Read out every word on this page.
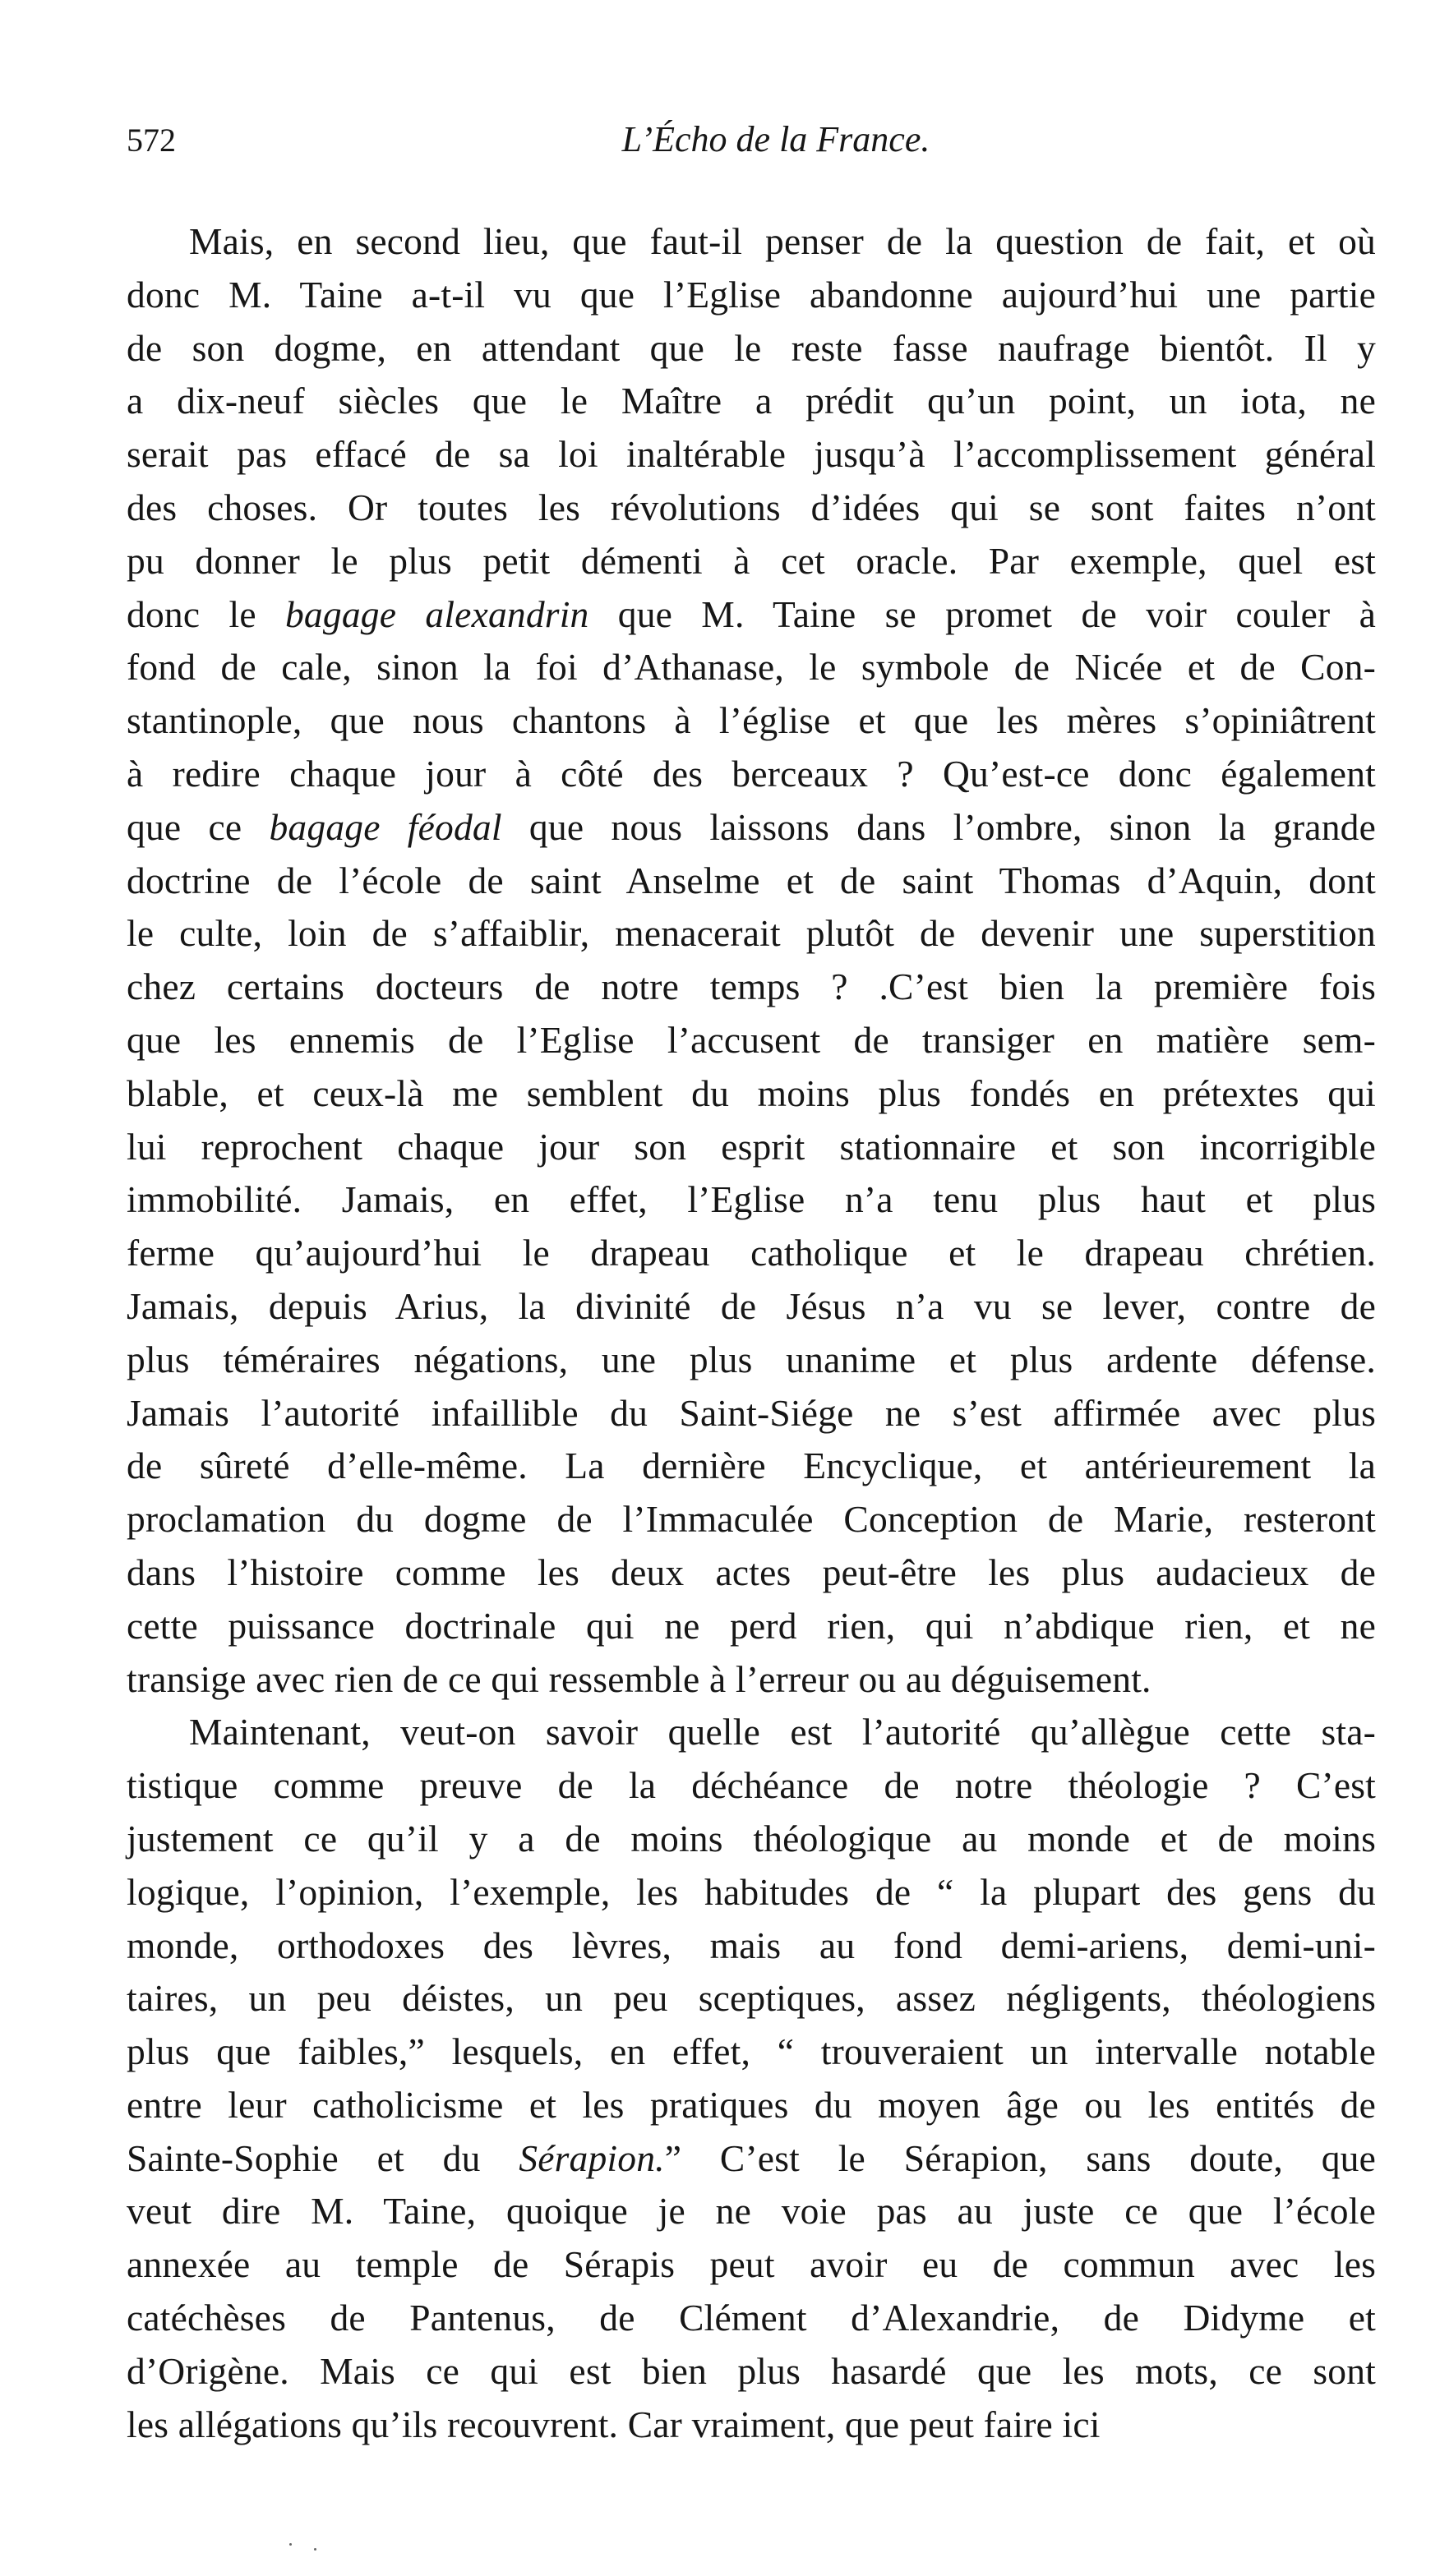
572	L’Écho de la France.
Mais, en second lieu, que faut-il penser de la question de fait, et où
donc M. Taine a-t-il vu que l’Eglise abandonne aujourd’hui une partie
de son dogme, en attendant que le reste fasse naufrage bientôt. Il y
a dix-neuf siècles que le Maître a prédit qu’un point, un iota, ne
serait pas effacé de sa loi inaltérable jusqu’à l’accomplissement général
des choses. Or toutes les révolutions d’idées qui se sont faites n’ont
pu donner le plus petit démenti à cet oracle. Par exemple, quel est
donc le bagage alexandrin que M. Taine se promet de voir couler à
fond de cale, sinon la foi d’Athanase, le symbole de Nicée et de Con-
stantinople, que nous chantons à l’église et que les mères s’opiniâtrent
à redire chaque jour à côté des berceaux ? Qu’est-ce donc également
que ce bagage féodal que nous laissons dans l’ombre, sinon la grande
doctrine de l’école de saint Anselme et de saint Thomas d’Aquin, dont
le culte, loin de s’affaiblir, menacerait plutôt de devenir une superstition
chez certains docteurs de notre temps ? .C’est bien la première fois
que les ennemis de l’Eglise l’accusent de transiger en matière sem-
blable, et ceux-là me semblent du moins plus fondés en prétextes qui
lui reprochent chaque jour son esprit stationnaire et son incorrigible
immobilité. Jamais, en effet, l’Eglise n’a tenu plus haut et plus
ferme qu’aujourd’hui le drapeau catholique et le drapeau chrétien.
Jamais, depuis Arius, la divinité de Jésus n’a vu se lever, contre de
plus téméraires négations, une plus unanime et plus ardente défense.
Jamais l’autorité infaillible du Saint-Siége ne s’est affirmée avec plus
de sûreté d’elle-même. La dernière Encyclique, et antérieurement la
proclamation du dogme de l’Immaculée Conception de Marie, resteront
dans l’histoire comme les deux actes peut-être les plus audacieux de
cette puissance doctrinale qui ne perd rien, qui n’abdique rien, et ne
transige avec rien de ce qui ressemble à l’erreur ou au déguisement.
Maintenant, veut-on savoir quelle est l’autorité qu’allègue cette sta-
tistique comme preuve de la déchéance de notre théologie ? C’est
justement ce qu’il y a de moins théologique au monde et de moins
logique, l’opinion, l’exemple, les habitudes de “ la plupart des gens du
monde, orthodoxes des lèvres, mais au fond demi-ariens, demi-uni-
taires, un peu déistes, un peu sceptiques, assez négligents, théologiens
plus que faibles,” lesquels, en effet, “ trouveraient un intervalle notable
entre leur catholicisme et les pratiques du moyen âge ou les entités de
Sainte-Sophie et du Sérapion.” C’est le Sérapion, sans doute, que
veut dire M. Taine, quoique je ne voie pas au juste ce que l’école
annexée au temple de Sérapis peut avoir eu de commun avec les
catéchèses de Pantenus, de Clément d’Alexandrie, de Didyme et
d’Origène. Mais ce qui est bien plus hasardé que les mots, ce sont
les allégations qu’ils recouvrent. Car vraiment, que peut faire ici
